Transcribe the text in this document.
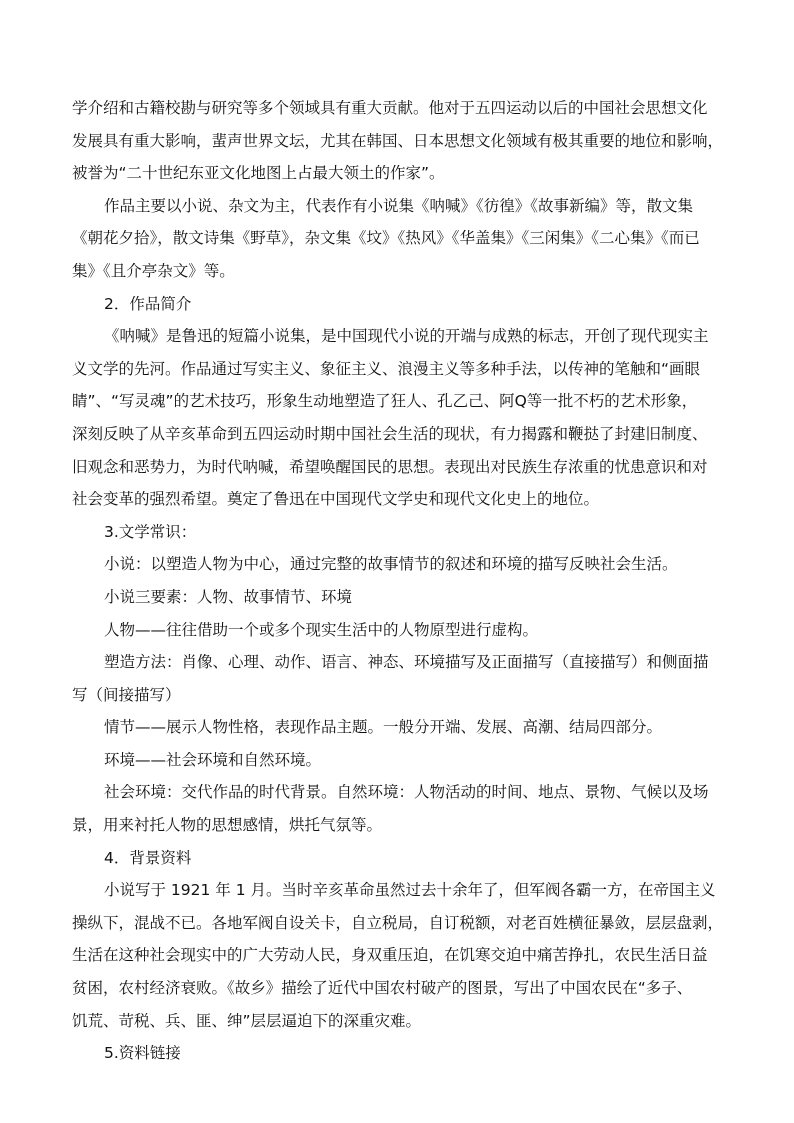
学介绍和古籍校勘与研究等多个领域具有重大贡献。他对于五四运动以后的中国社会思想文化
发展具有重大影响，蜚声世界文坛，尤其在韩国、日本思想文化领域有极其重要的地位和影响，
被誉为“二十世纪东亚文化地图上占最大领土的作家”。
作品主要以小说、杂文为主，代表作有小说集《呐喊》《彷徨》《故事新编》等，散文集
《朝花夕拾》，散文诗集《野草》，杂文集《坟》《热风》《华盖集》《三闲集》《二心集》《而已
集》《且介亭杂文》等。
2．作品简介
《呐喊》是鲁迅的短篇小说集，是中国现代小说的开端与成熟的标志，开创了现代现实主
义文学的先河。作品通过写实主义、象征主义、浪漫主义等多种手法，以传神的笔触和“画眼
睛”、“写灵魂”的艺术技巧，形象生动地塑造了狂人、孔乙己、阿Q等一批不朽的艺术形象，
深刻反映了从辛亥革命到五四运动时期中国社会生活的现状，有力揭露和鞭挞了封建旧制度、
旧观念和恶势力，为时代呐喊，希望唤醒国民的思想。表现出对民族生存浓重的忧患意识和对
社会变革的强烈希望。奠定了鲁迅在中国现代文学史和现代文化史上的地位。
3.文学常识：
小说：以塑造人物为中心，通过完整的故事情节的叙述和环境的描写反映社会生活。
小说三要素：人物、故事情节、环境
人物——往往借助一个或多个现实生活中的人物原型进行虚构。
塑造方法：肖像、心理、动作、语言、神态、环境描写及正面描写（直接描写）和侧面描
写（间接描写）
情节——展示人物性格，表现作品主题。一般分开端、发展、高潮、结局四部分。
环境——社会环境和自然环境。
社会环境：交代作品的时代背景。自然环境：人物活动的时间、地点、景物、气候以及场
景，用来衬托人物的思想感情，烘托气氛等。
4．背景资料
小说写于 1921 年 1 月。当时辛亥革命虽然过去十余年了，但军阀各霸一方，在帝国主义
操纵下，混战不已。各地军阀自设关卡，自立税局，自订税额，对老百姓横征暴敛，层层盘剥，
生活在这种社会现实中的广大劳动人民，身双重压迫，在饥寒交迫中痛苦挣扎，农民生活日益
贫困，农村经济衰败。《故乡》描绘了近代中国农村破产的图景，写出了中国农民在“多子、
饥荒、苛税、兵、匪、绅”层层逼迫下的深重灾难。
5.资料链接
